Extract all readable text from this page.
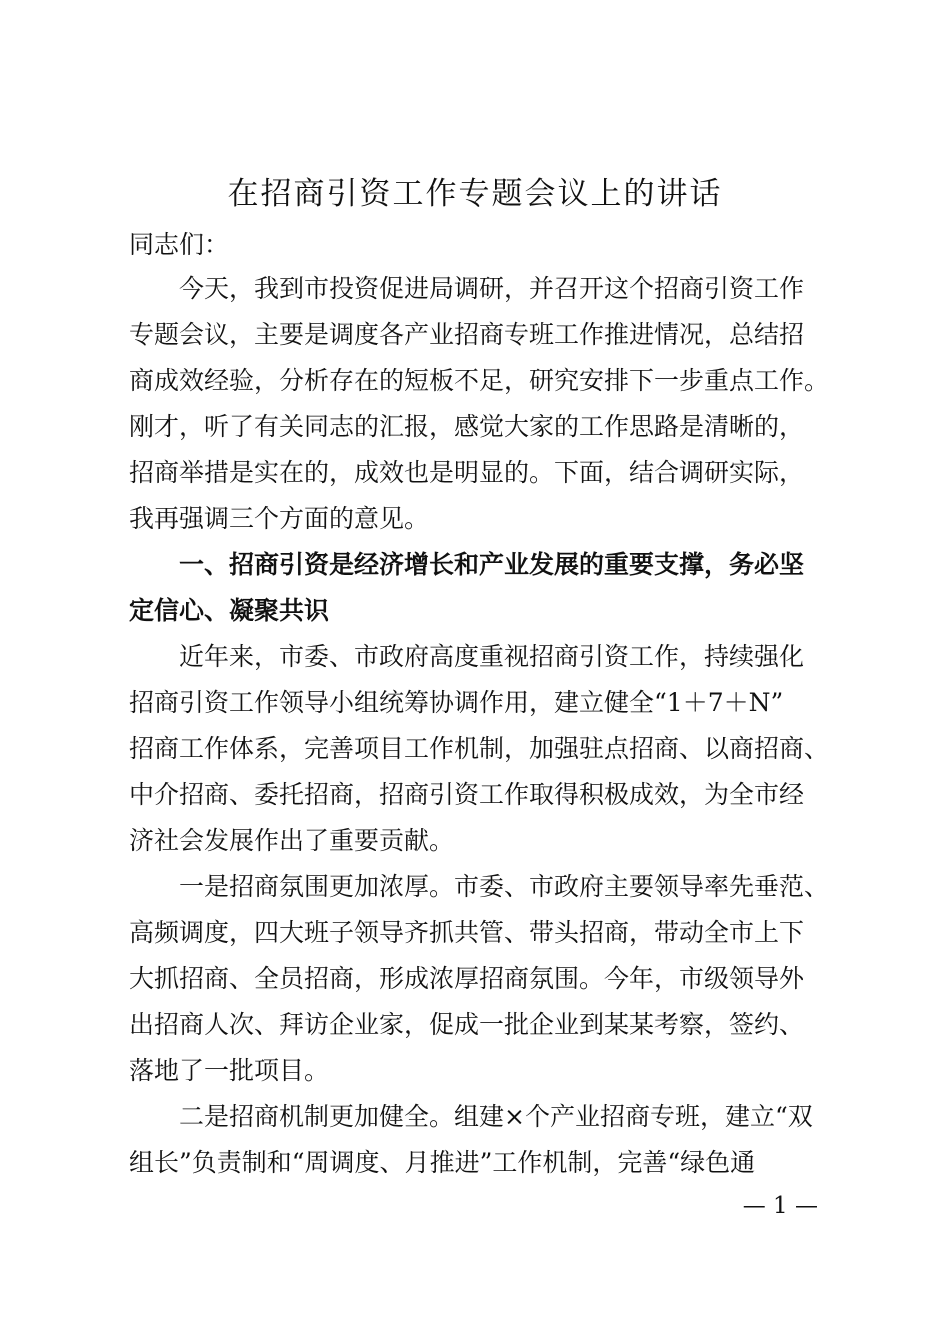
在招商引资工作专题会议上的讲话

同志们：

　　今天，我到市投资促进局调研，并召开这个招商引资工作

专题会议，主要是调度各产业招商专班工作推进情况，总结招

商成效经验，分析存在的短板不足，研究安排下一步重点工作。

刚才，听了有关同志的汇报，感觉大家的工作思路是清晰的，

招商举措是实在的，成效也是明显的。下面，结合调研实际，

我再强调三个方面的意见。

　　一、招商引资是经济增长和产业发展的重要支撑，务必坚

定信心、凝聚共识

　　近年来，市委、市政府高度重视招商引资工作，持续强化

招商引资工作领导小组统筹协调作用，建立健全“1＋7＋N”

招商工作体系，完善项目工作机制，加强驻点招商、以商招商、

中介招商、委托招商，招商引资工作取得积极成效，为全市经

济社会发展作出了重要贡献。

　　一是招商氛围更加浓厚。市委、市政府主要领导率先垂范、

高频调度，四大班子领导齐抓共管、带头招商，带动全市上下

大抓招商、全员招商，形成浓厚招商氛围。今年，市级领导外

出招商人次、拜访企业家，促成一批企业到某某考察，签约、

落地了一批项目。

　　二是招商机制更加健全。组建×个产业招商专班，建立“双

组长”负责制和“周调度、月推进”工作机制，完善“绿色通

— 1 —
